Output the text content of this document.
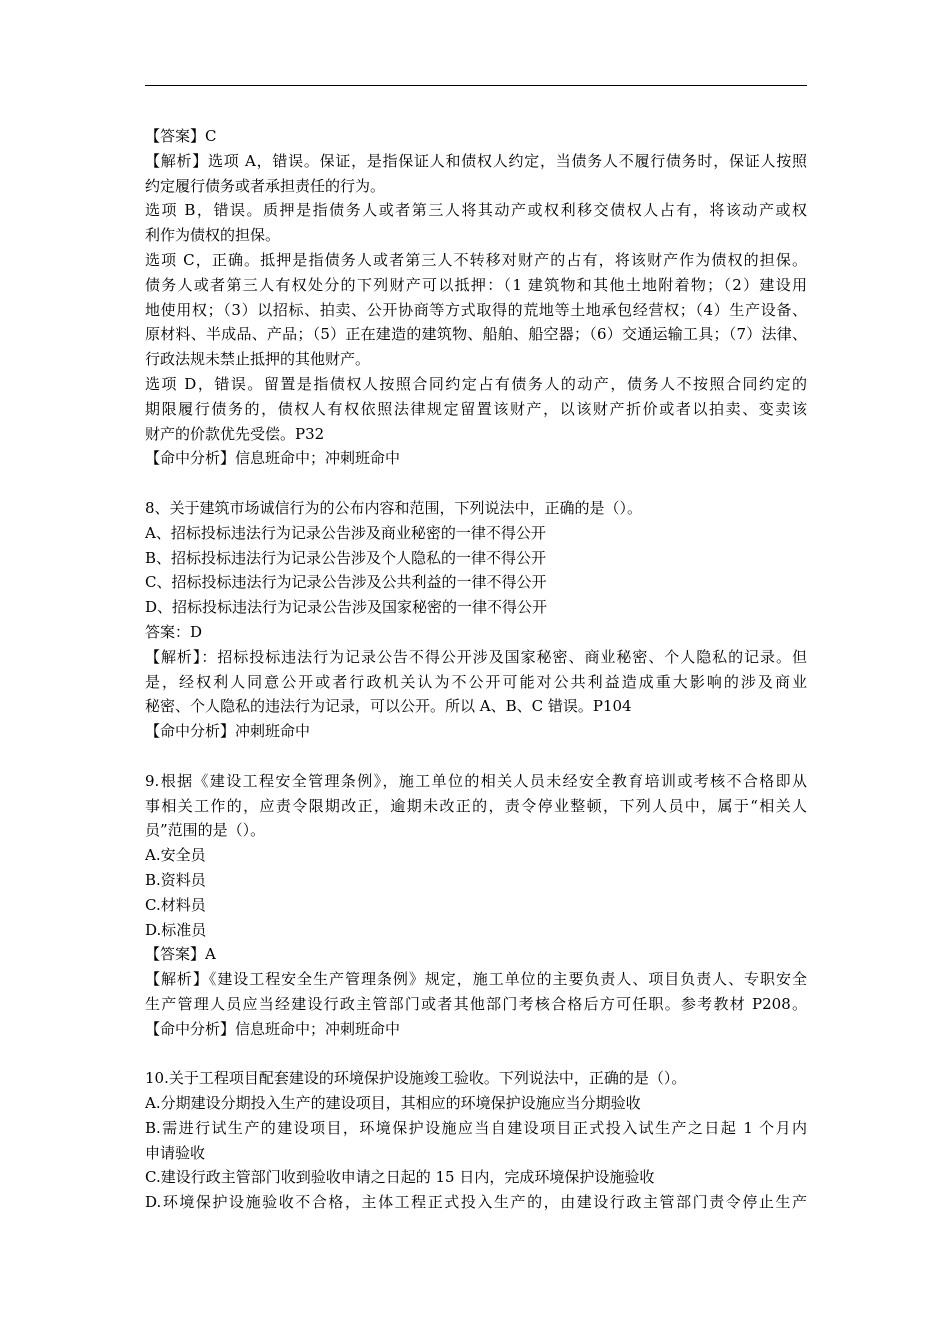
【答案】C
【解析】选项 A，错误。保证，是指保证人和债权人约定，当债务人不履行债务时，保证人按照
约定履行债务或者承担责任的行为。
选项 B，错误。质押是指债务人或者第三人将其动产或权利移交债权人占有，将该动产或权
利作为债权的担保。
选项 C，正确。抵押是指债务人或者第三人不转移对财产的占有，将该财产作为债权的担保。
债务人或者第三人有权处分的下列财产可以抵押：（1 建筑物和其他土地附着物；（2）建设用
地使用权；（3）以招标、拍卖、公开协商等方式取得的荒地等土地承包经营权；（4）生产设备、
原材料、半成品、产品；（5）正在建造的建筑物、船舶、船空器；（6）交通运输工具；（7）法律、
行政法规未禁止抵押的其他财产。
选项 D，错误。留置是指债权人按照合同约定占有债务人的动产，债务人不按照合同约定的
期限履行债务的，债权人有权依照法律规定留置该财产，以该财产折价或者以拍卖、变卖该
财产的价款优先受偿。P32
【命中分析】信息班命中；冲刺班命中
8、关于建筑市场诚信行为的公布内容和范围，下列说法中，正确的是（）。
A、招标投标违法行为记录公告涉及商业秘密的一律不得公开
B、招标投标违法行为记录公告涉及个人隐私的一律不得公开
C、招标投标违法行为记录公告涉及公共利益的一律不得公开
D、招标投标违法行为记录公告涉及国家秘密的一律不得公开
答案：D
【解析】：招标投标违法行为记录公告不得公开涉及国家秘密、商业秘密、个人隐私的记录。但
是，经权利人同意公开或者行政机关认为不公开可能对公共利益造成重大影响的涉及商业
秘密、个人隐私的违法行为记录，可以公开。所以 A、B、C 错误。P104
【命中分析】冲刺班命中
9.根据《建设工程安全管理条例》，施工单位的相关人员未经安全教育培训或考核不合格即从
事相关工作的，应责令限期改正，逾期未改正的，责令停业整顿，下列人员中，属于“相关人
员”范围的是（）。
A.安全员
B.资料员
C.材料员
D.标准员
【答案】A
【解析】《建设工程安全生产管理条例》规定，施工单位的主要负责人、项目负责人、专职安全
生产管理人员应当经建设行政主管部门或者其他部门考核合格后方可任职。参考教材 P208。
【命中分析】信息班命中；冲刺班命中
10.关于工程项目配套建设的环境保护设施竣工验收。下列说法中，正确的是（）。
A.分期建设分期投入生产的建设项目，其相应的环境保护设施应当分期验收
B.需进行试生产的建设项目，环境保护设施应当自建设项目正式投入试生产之日起 1 个月内
申请验收
C.建设行政主管部门收到验收申请之日起的 15 日内，完成环境保护设施验收
D.环境保护设施验收不合格，主体工程正式投入生产的，由建设行政主管部门责令停止生产
